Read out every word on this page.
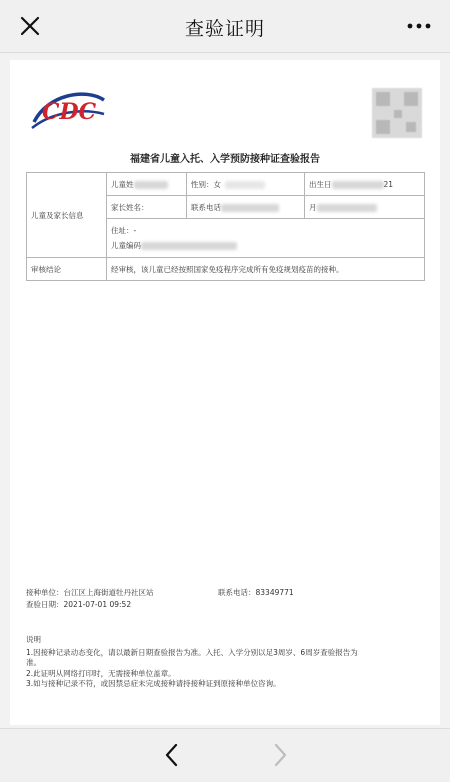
查验证明
CDC
福建省儿童入托、入学预防接种证查验报告
儿童及家长信息	儿童姓	性别：女	出生日 21
	家长姓名：	联系电话	月
	住址：-
儿童编码		
审核结论	经审核，该儿童已经按照国家免疫程序完成所有免疫规划疫苗的接种。		
接种单位：台江区上海街道牡丹社区站	联系电话：83349771
查验日期：2021-07-01 09:52
说明
1.因接种记录动态变化，请以最新日期查验报告为准。入托、入学分别以足3周岁、6周岁查验报告为
准。
2.此证明从网络打印时，无需接种单位盖章。
3.如与接种记录不符，或因禁忌症未完成接种请持接种证到原接种单位咨询。
